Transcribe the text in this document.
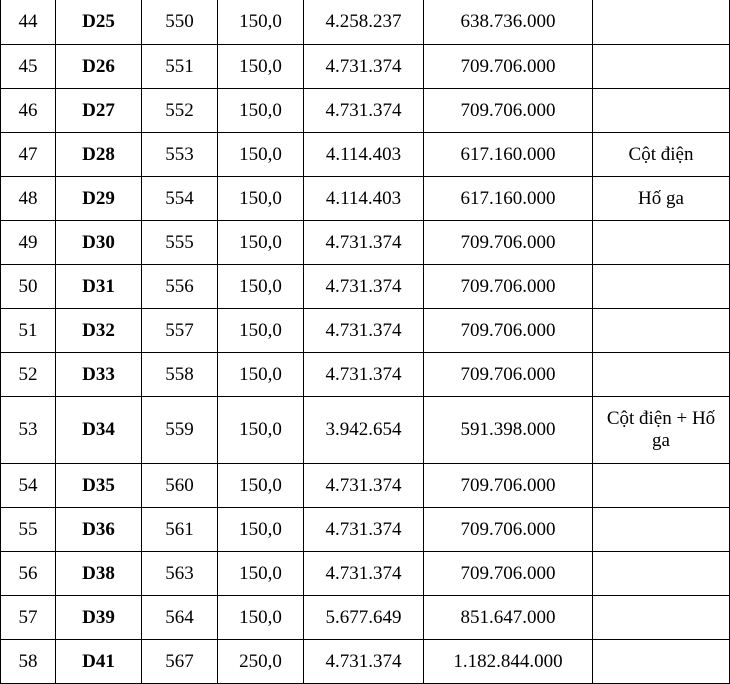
44	D25	550	150,0	4.258.237	638.736.000	
45	D26	551	150,0	4.731.374	709.706.000	
46	D27	552	150,0	4.731.374	709.706.000	
47	D28	553	150,0	4.114.403	617.160.000	Cột điện
48	D29	554	150,0	4.114.403	617.160.000	Hố ga
49	D30	555	150,0	4.731.374	709.706.000	
50	D31	556	150,0	4.731.374	709.706.000	
51	D32	557	150,0	4.731.374	709.706.000	
52	D33	558	150,0	4.731.374	709.706.000	
53	D34	559	150,0	3.942.654	591.398.000	Cột điện + Hố ga
54	D35	560	150,0	4.731.374	709.706.000	
55	D36	561	150,0	4.731.374	709.706.000	
56	D38	563	150,0	4.731.374	709.706.000	
57	D39	564	150,0	5.677.649	851.647.000	
58	D41	567	250,0	4.731.374	1.182.844.000	
